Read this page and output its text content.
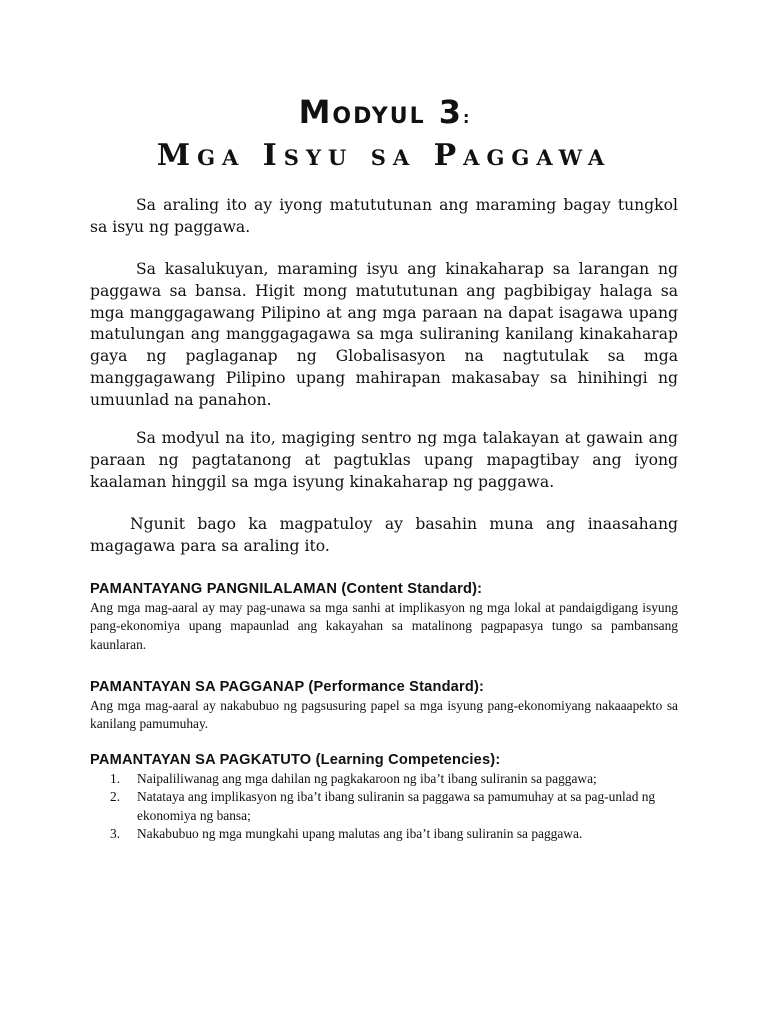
Modyul 3:
Mga Isyu sa Paggawa

Sa araling ito ay iyong matututunan ang maraming bagay tungkol sa isyu ng paggawa.

Sa kasalukuyan, maraming isyu ang kinakaharap sa larangan ng paggawa sa bansa. Higit mong matututunan ang pagbibigay halaga sa mga manggagawang Pilipino at ang mga paraan na dapat isagawa upang matulungan ang manggagagawa sa mga suliraning kanilang kinakaharap gaya ng paglaganap ng Globalisasyon na nagtutulak sa mga manggagawang Pilipino upang mahirapan makasabay sa hinihingi ng umuunlad na panahon.

Sa modyul na ito, magiging sentro ng mga talakayan at gawain ang paraan ng pagtatanong at pagtuklas upang mapagtibay ang iyong kaalaman hinggil sa mga isyung kinakaharap ng paggawa.

Ngunit bago ka magpatuloy ay basahin muna ang inaasahang magagawa para sa araling ito.

PAMANTAYANG PANGNILALAMAN (Content Standard):

Ang mga mag-aaral ay may pag-unawa sa mga sanhi at implikasyon ng mga lokal at pandaigdigang isyung pang-ekonomiya upang mapaunlad ang kakayahan sa matalinong pagpapasya tungo sa pambansang kaunlaran.

PAMANTAYAN SA PAGGANAP (Performance Standard):

Ang mga mag-aaral ay nakabubuo ng pagsusuring papel sa mga isyung pang-ekonomiyang nakaaapekto sa kanilang pamumuhay.

PAMANTAYAN SA PAGKATUTO (Learning Competencies):
1. Naipaliliwanag ang mga dahilan ng pagkakaroon ng iba’t ibang suliranin sa paggawa;
2. Natataya ang implikasyon ng iba’t ibang suliranin sa paggawa sa pamumuhay at sa pag-unlad ng ekonomiya ng bansa;
3. Nakabubuo ng mga mungkahi upang malutas ang iba’t ibang suliranin sa paggawa.
